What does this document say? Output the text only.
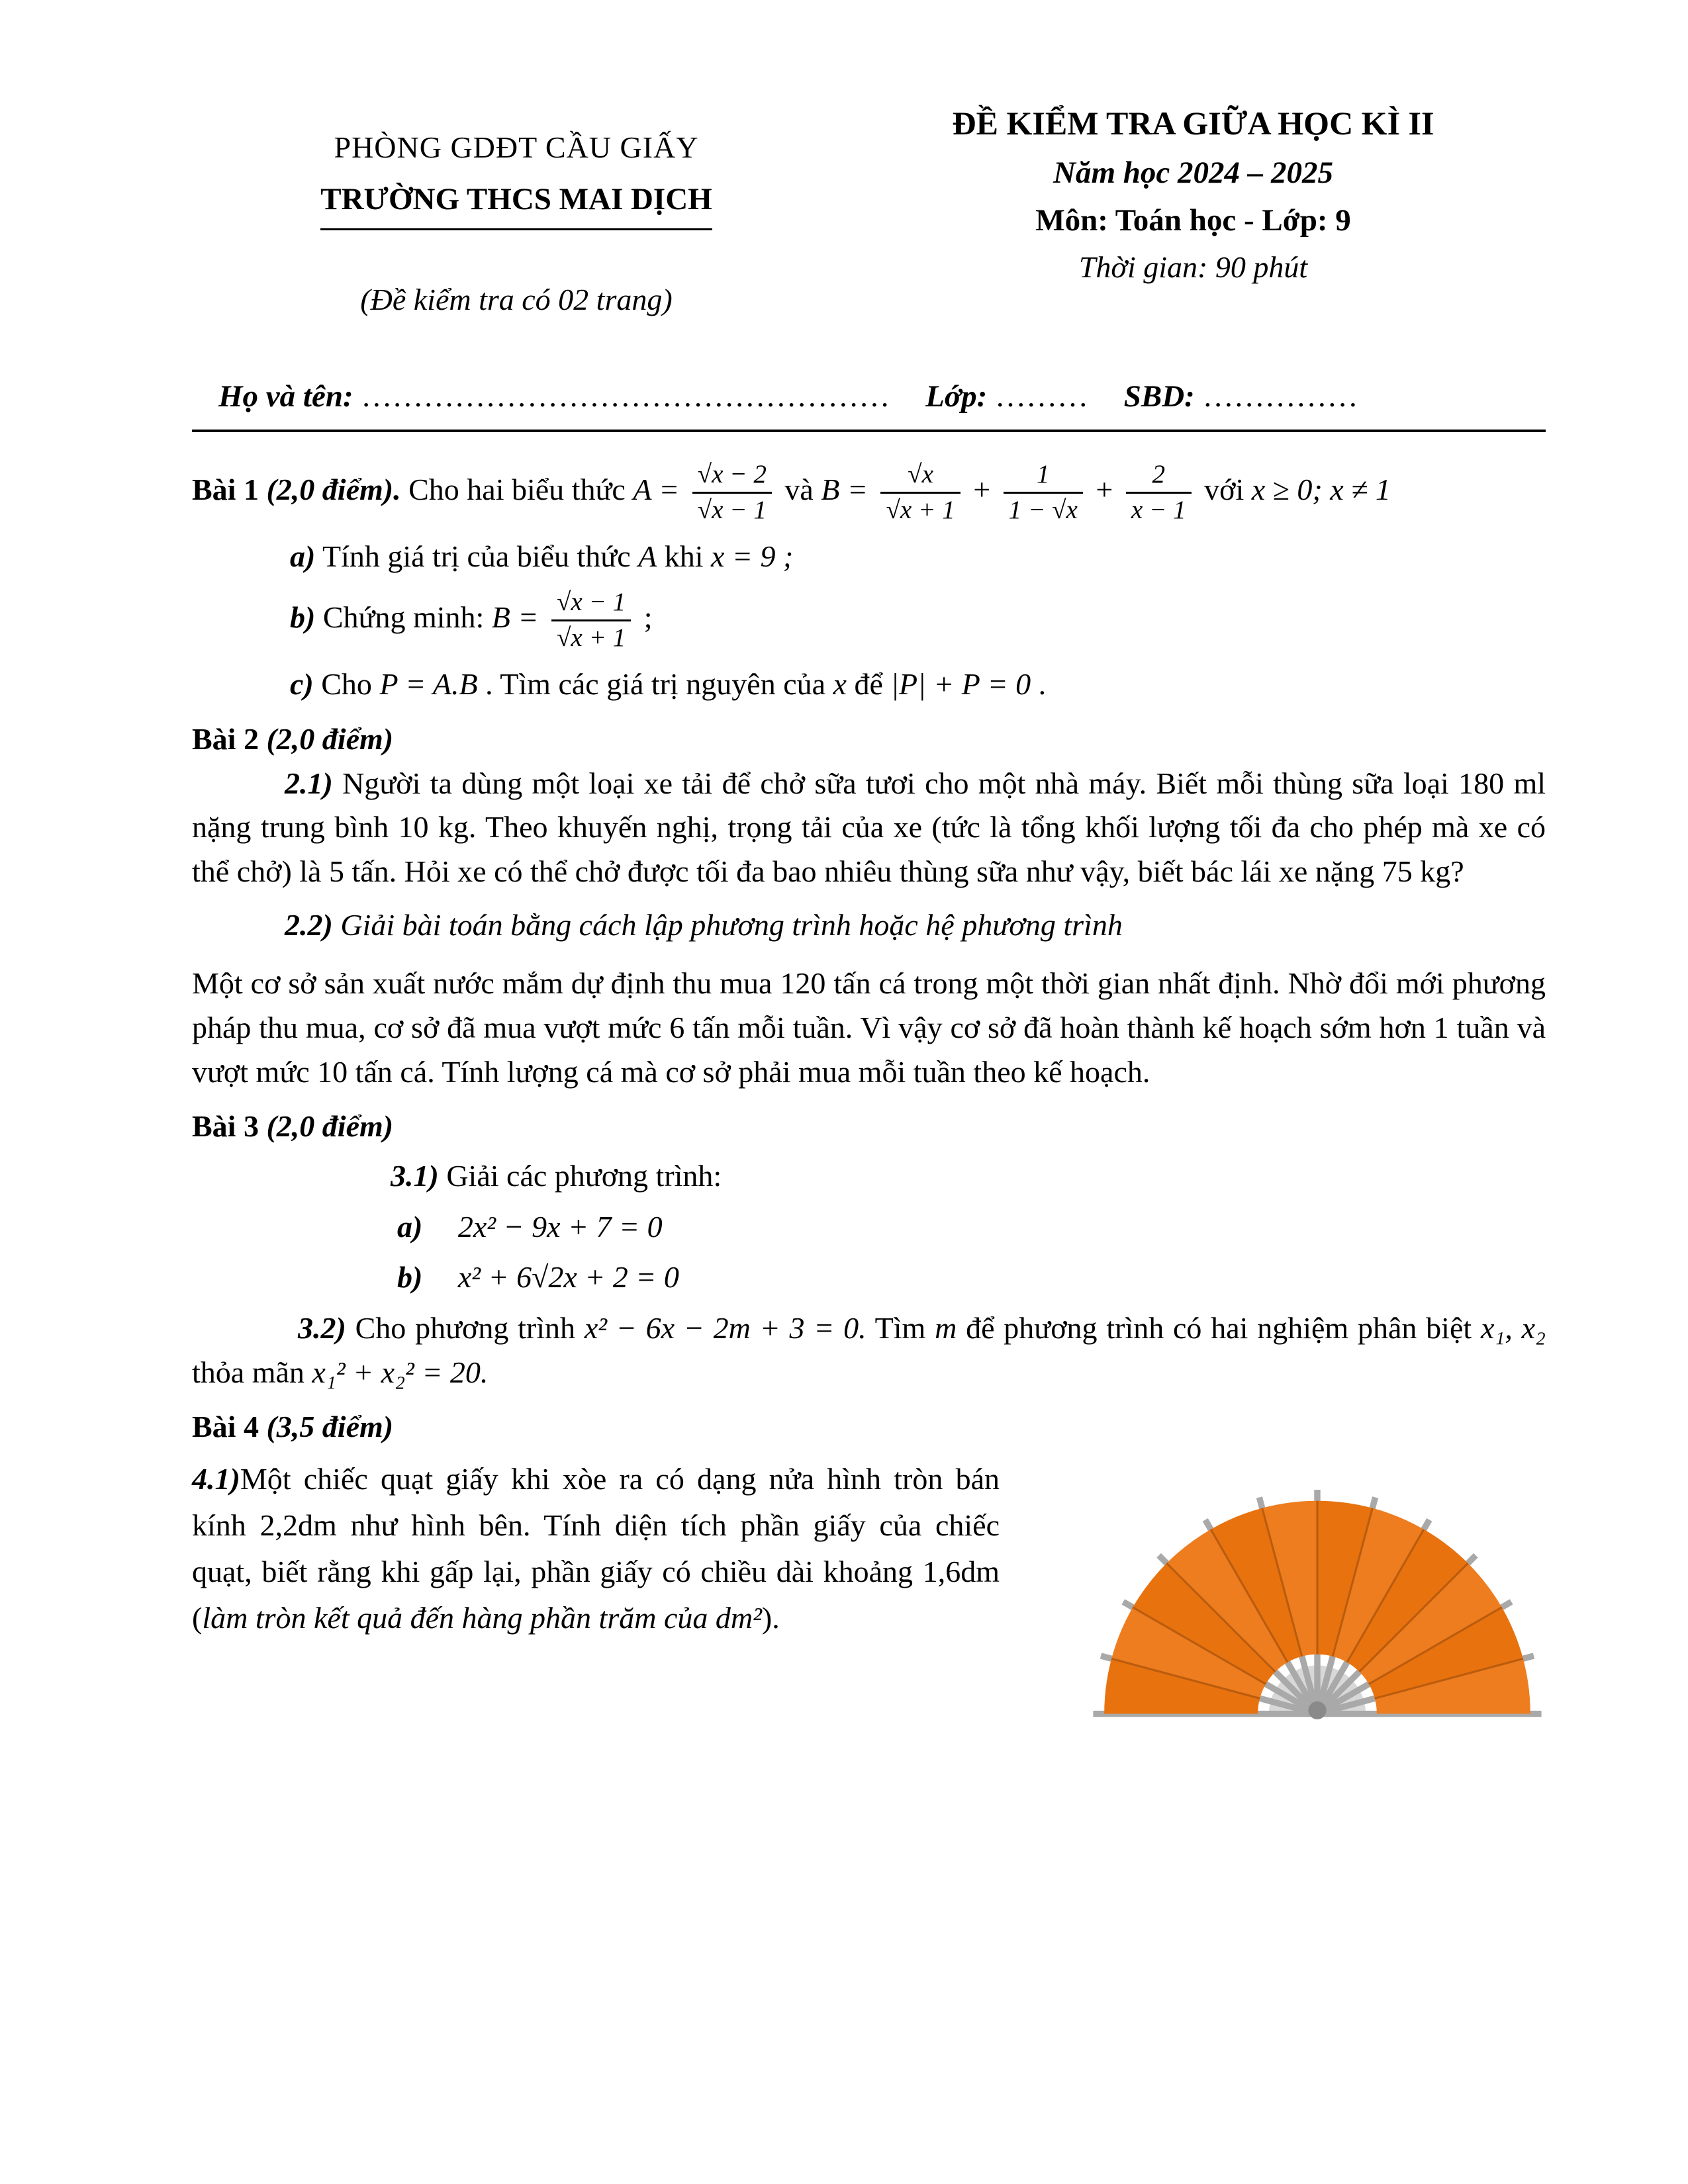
PHÒNG GDĐT CẦU GIẤY
TRƯỜNG THCS MAI DỊCH
(Đề kiểm tra có 02 trang)
ĐỀ KIỂM TRA GIỮA HỌC KÌ II
Năm học 2024 – 2025
Môn: Toán học - Lớp: 9
Thời gian: 90 phút
Họ và tên: …………………………………………… Lớp: ……… SBD: ……………
Bài 1 (2,0 điểm). Cho hai biểu thức $A = \frac{√x - 2}{√x - 1}$ và $B = \frac{√x}{√x + 1} + \frac{1}{1 - √x} + \frac{2}{x - 1}$ với x ≥ 0; x ≠ 1
a) Tính giá trị của biểu thức A khi x = 9 ;
b) Chứng minh: $B = \frac{√x - 1}{√x + 1}$ ;
c) Cho P = A.B . Tìm các giá trị nguyên của x để |P| + P = 0 .
Bài 2 (2,0 điểm)

2.1) Người ta dùng một loại xe tải để chở sữa tươi cho một nhà máy. Biết mỗi thùng sữa loại 180 ml nặng trung bình 10 kg. Theo khuyến nghị, trọng tải của xe (tức là tổng khối lượng tối đa cho phép mà xe có thể chở) là 5 tấn. Hỏi xe có thể chở được tối đa bao nhiêu thùng sữa như vậy, biết bác lái xe nặng 75 kg?

2.2) Giải bài toán bằng cách lập phương trình hoặc hệ phương trình

Một cơ sở sản xuất nước mắm dự định thu mua 120 tấn cá trong một thời gian nhất định. Nhờ đổi mới phương pháp thu mua, cơ sở đã mua vượt mức 6 tấn mỗi tuần. Vì vậy cơ sở đã hoàn thành kế hoạch sớm hơn 1 tuần và vượt mức 10 tấn cá. Tính lượng cá mà cơ sở phải mua mỗi tuần theo kế hoạch.

Bài 3 (2,0 điểm)
3.1) Giải các phương trình:
a) 2x² − 9x + 7 = 0
b) x² + 6√2x + 2 = 0

3.2) Cho phương trình x² − 6x − 2m + 3 = 0. Tìm m để phương trình có hai nghiệm phân biệt x₁, x₂ thỏa mãn x₁² + x₂² = 20.

Bài 4 (3,5 điểm)

4.1)Một chiếc quạt giấy khi xòe ra có dạng nửa hình tròn bán kính 2,2dm như hình bên. Tính diện tích phần giấy của chiếc quạt, biết rằng khi gấp lại, phần giấy có chiều dài khoảng 1,6dm (làm tròn kết quả đến hàng phần trăm của dm²).
